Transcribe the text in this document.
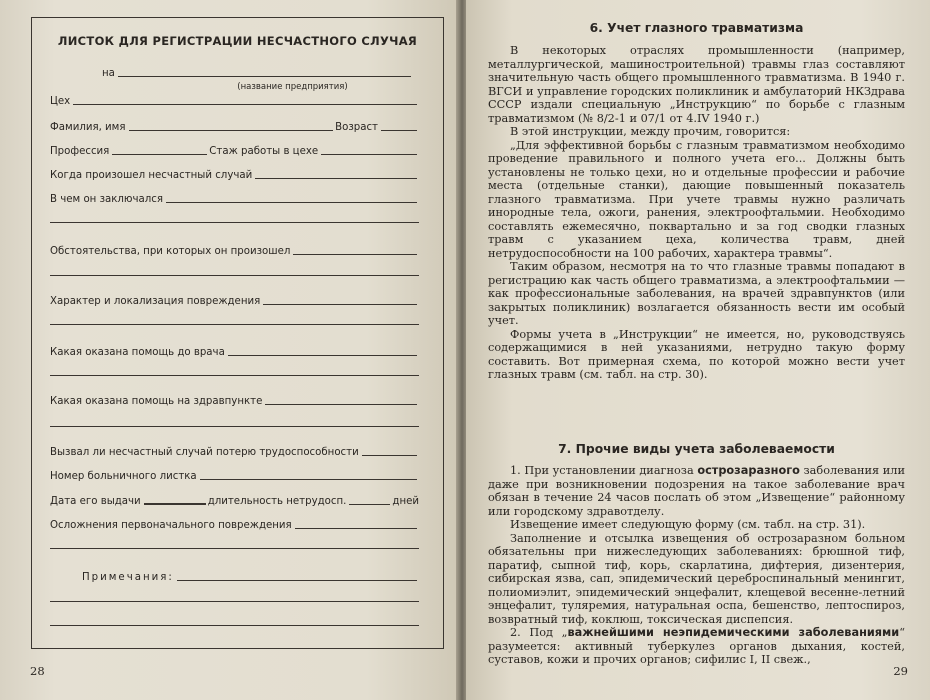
ЛИСТОК ДЛЯ РЕГИСТРАЦИИ НЕСЧАСТНОГО СЛУЧАЯ
на
(название предприятия)
Цех
Фамилия, имя	Возраст
Профессия	Стаж работы в цехе
Когда произошел несчастный случай
В чем он заключался
Обстоятельства, при которых он произошел
Характер и локализация повреждения
Какая оказана помощь до врача
Какая оказана помощь на здравпункте
Вызвал ли несчастный случай потерю трудоспособности
Номер больничного листка
Дата его выдачи	длительность нетрудосп.	дней
Осложнения первоначального повреждения
Примечания:
28
6. Учет глазного травматизма

В некоторых отраслях промышленности (например, металлургической, машиностроительной) травмы глаз составляют значительную часть общего промышленного травматизма. В 1940 г. ВГСИ и управление городских поликлиник и амбулаторий НКЗдрава СССР издали специальную „Инструкцию“ по борьбе с глазным травматизмом (№ 8/2-1 и 07/1 от 4.IV 1940 г.)

В этой инструкции, между прочим, говорится:

„Для эффективной борьбы с глазным травматизмом необходимо проведение правильного и полного учета его... Должны быть установлены не только цехи, но и отдельные профессии и рабочие места (отдельные станки), дающие повышенный показатель глазного травматизма. При учете травмы нужно различать инородные тела, ожоги, ранения, электроофтальмии. Необходимо составлять ежемесячно, поквартально и за год сводки глазных травм с указанием цеха, количества травм, дней нетрудоспособности на 100 рабочих, характера травмы“.

Таким образом, несмотря на то что глазные травмы попадают в регистрацию как часть общего травматизма, а электроофтальмии — как профессиональные заболевания, на врачей здравпунктов (или закрытых поликлиник) возлагается обязанность вести им особый учет.

Формы учета в „Инструкции“ не имеется, но, руководствуясь содержащимися в ней указаниями, нетрудно такую форму составить. Вот примерная схема, по которой можно вести учет глазных травм (см. табл. на стр. 30).

7. Прочие виды учета заболеваемости

1. При установлении диагноза острозаразного заболевания или даже при возникновении подозрения на такое заболевание врач обязан в течение 24 часов послать об этом „Извещение“ районному или городскому здравотделу.

Извещение имеет следующую форму (см. табл. на стр. 31).

Заполнение и отсылка извещения об острозаразном больном обязательны при нижеследующих заболеваниях: брюшной тиф, паратиф, сыпной тиф, корь, скарлатина, дифтерия, дизентерия, сибирская язва, сап, эпидемический цереброспинальный менингит, полиомиэлит, эпидемический энцефалит, клещевой весенне-летний энцефалит, туляремия, натуральная оспа, бешенство, лептоспироз, возвратный тиф, коклюш, токсическая диспепсия.

2. Под „важнейшими неэпидемическими заболеваниями“ разумеется: активный туберкулез органов дыхания, костей, суставов, кожи и прочих органов; сифилис I, II свеж.,

29
